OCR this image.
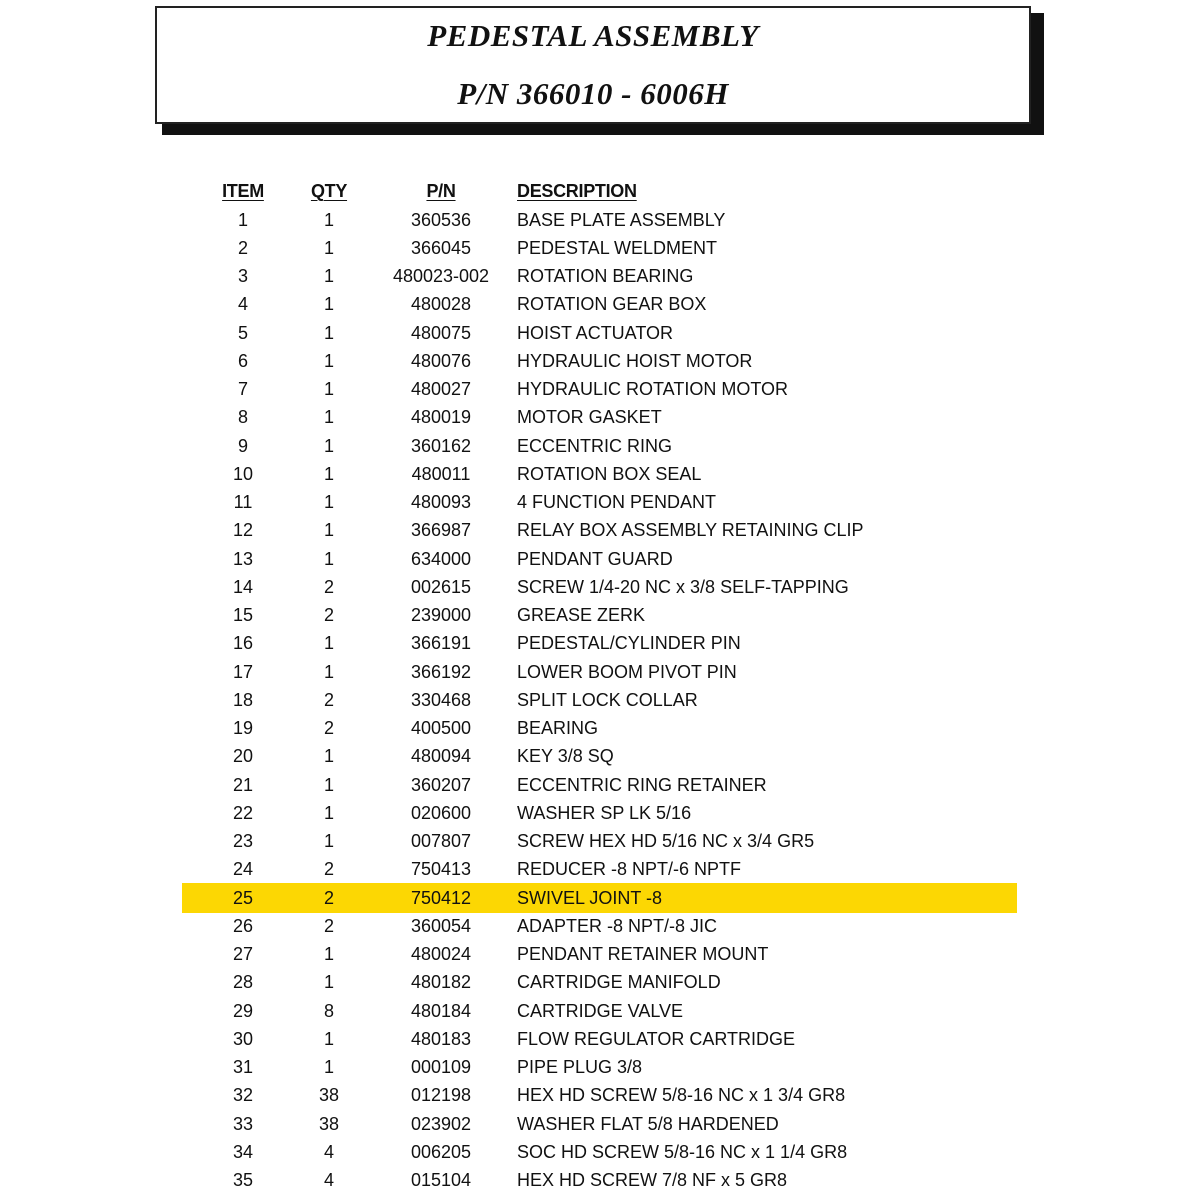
PEDESTAL ASSEMBLY
P/N 366010 - 6006H
ITEM	QTY	P/N	DESCRIPTION
1	1	360536	BASE PLATE ASSEMBLY
2	1	366045	PEDESTAL WELDMENT
3	1	480023-002	ROTATION BEARING
4	1	480028	ROTATION GEAR BOX
5	1	480075	HOIST ACTUATOR
6	1	480076	HYDRAULIC HOIST MOTOR
7	1	480027	HYDRAULIC ROTATION MOTOR
8	1	480019	MOTOR GASKET
9	1	360162	ECCENTRIC RING
10	1	480011	ROTATION BOX SEAL
11	1	480093	4 FUNCTION PENDANT
12	1	366987	RELAY BOX ASSEMBLY RETAINING CLIP
13	1	634000	PENDANT GUARD
14	2	002615	SCREW 1/4-20 NC x 3/8 SELF-TAPPING
15	2	239000	GREASE ZERK
16	1	366191	PEDESTAL/CYLINDER PIN
17	1	366192	LOWER BOOM PIVOT PIN
18	2	330468	SPLIT LOCK COLLAR
19	2	400500	BEARING
20	1	480094	KEY 3/8 SQ
21	1	360207	ECCENTRIC RING RETAINER
22	1	020600	WASHER SP LK 5/16
23	1	007807	SCREW HEX HD 5/16 NC x 3/4 GR5
24	2	750413	REDUCER -8 NPT/-6 NPTF
25	2	750412	SWIVEL JOINT -8
26	2	360054	ADAPTER -8 NPT/-8 JIC
27	1	480024	PENDANT RETAINER MOUNT
28	1	480182	CARTRIDGE MANIFOLD
29	8	480184	CARTRIDGE VALVE
30	1	480183	FLOW REGULATOR CARTRIDGE
31	1	000109	PIPE PLUG 3/8
32	38	012198	HEX HD SCREW 5/8-16 NC x 1 3/4 GR8
33	38	023902	WASHER FLAT 5/8 HARDENED
34	4	006205	SOC HD SCREW 5/8-16 NC x 1 1/4 GR8
35	4	015104	HEX HD SCREW 7/8 NF x 5 GR8
